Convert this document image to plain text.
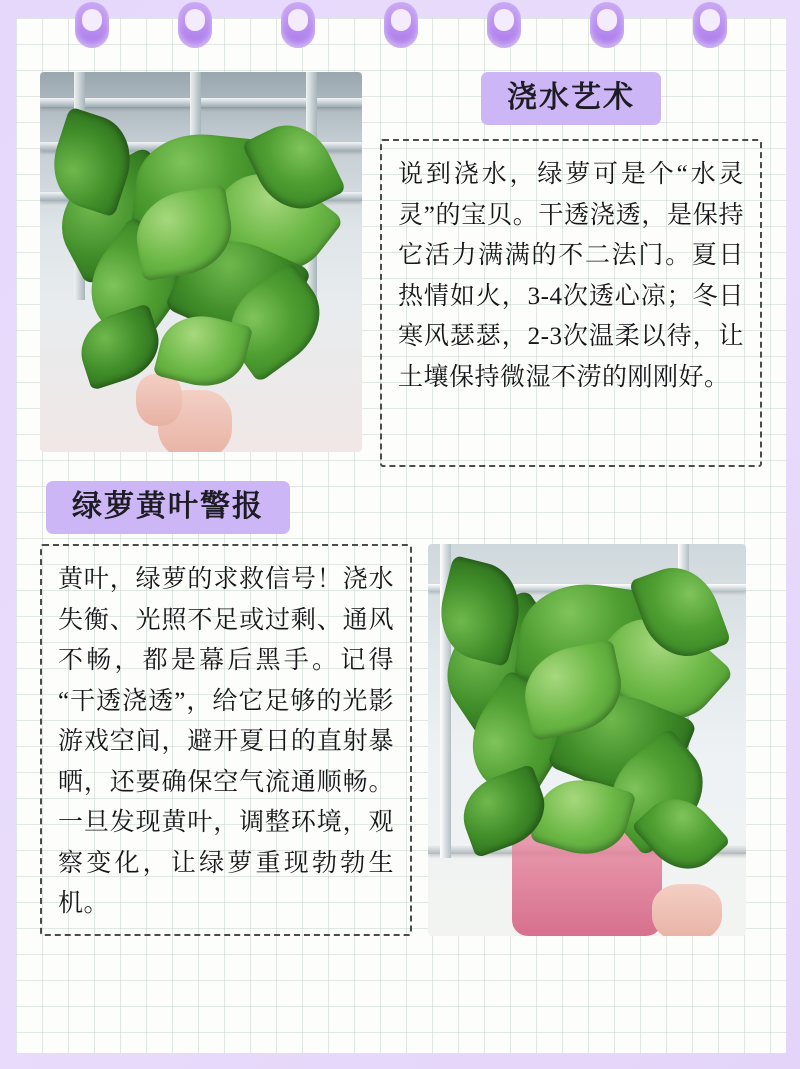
浇水艺术

说到浇水，绿萝可是个“水灵灵”的宝贝。干透浇透，是保持它活力满满的不二法门。夏日热情如火，3-4次透心凉；冬日寒风瑟瑟，2-3次温柔以待，让土壤保持微湿不涝的刚刚好。

绿萝黄叶警报

黄叶，绿萝的求救信号！浇水失衡、光照不足或过剩、通风不畅，都是幕后黑手。记得“干透浇透”，给它足够的光影游戏空间，避开夏日的直射暴晒，还要确保空气流通顺畅。一旦发现黄叶，调整环境，观察变化，让绿萝重现勃勃生机。
